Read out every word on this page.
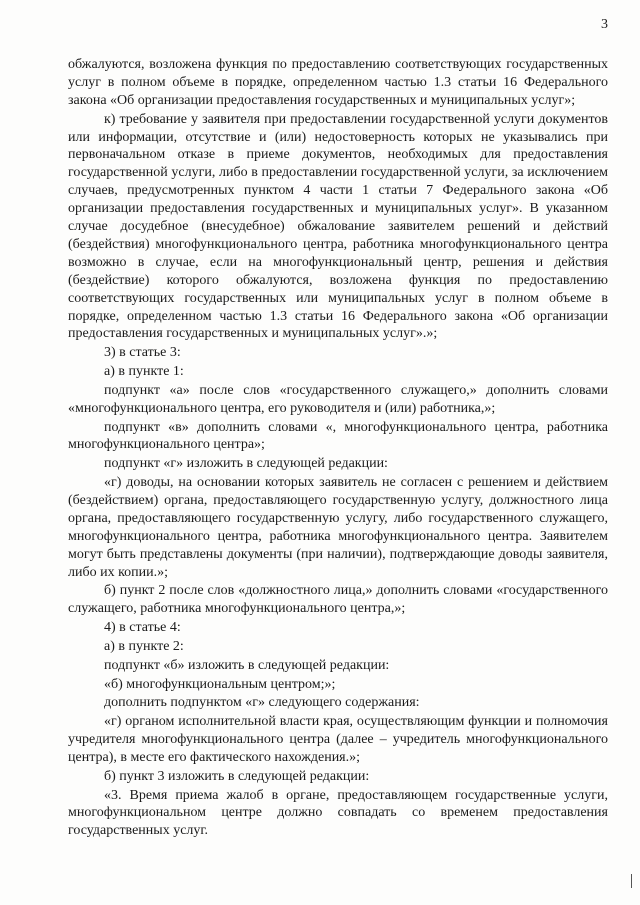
3

обжалуются, возложена функция по предоставлению соответствующих государственных услуг в полном объеме в порядке, определенном частью 1.3 статьи 16 Федерального закона «Об организации предоставления государственных и муниципальных услуг»;

к) требование у заявителя при предоставлении государственной услуги документов или информации, отсутствие и (или) недостоверность которых не указывались при первоначальном отказе в приеме документов, необходимых для предоставления государственной услуги, либо в предоставлении государственной услуги, за исключением случаев, предусмотренных пунктом 4 части 1 статьи 7 Федерального закона «Об организации предоставления государственных и муниципальных услуг». В указанном случае досудебное (внесудебное) обжалование заявителем решений и действий (бездействия) многофункционального центра, работника многофункционального центра возможно в случае, если на многофункциональный центр, решения и действия (бездействие) которого обжалуются, возложена функция по предоставлению соответствующих государственных или муниципальных услуг в полном объеме в порядке, определенном частью 1.3 статьи 16 Федерального закона «Об организации предоставления государственных и муниципальных услуг».»;

3) в статье 3:

а) в пункте 1:

подпункт «а» после слов «государственного служащего,» дополнить словами «многофункционального центра, его руководителя и (или) работника,»;

подпункт «в» дополнить словами «, многофункционального центра, работника многофункционального центра»;

подпункт «г» изложить в следующей редакции:

«г) доводы, на основании которых заявитель не согласен с решением и действием (бездействием) органа, предоставляющего государственную услугу, должностного лица органа, предоставляющего государственную услугу, либо государственного служащего, многофункционального центра, работника многофункционального центра. Заявителем могут быть представлены документы (при наличии), подтверждающие доводы заявителя, либо их копии.»;

б) пункт 2 после слов «должностного лица,» дополнить словами «государственного служащего, работника многофункционального центра,»;

4) в статье 4:

а) в пункте 2:

подпункт «б» изложить в следующей редакции:

«б) многофункциональным центром;»;

дополнить подпунктом «г» следующего содержания:

«г) органом исполнительной власти края, осуществляющим функции и полномочия учредителя многофункционального центра (далее – учредитель многофункционального центра), в месте его фактического нахождения.»;

б) пункт 3 изложить в следующей редакции:

«3. Время приема жалоб в органе, предоставляющем государственные услуги, многофункциональном центре должно совпадать со временем предоставления государственных услуг.
